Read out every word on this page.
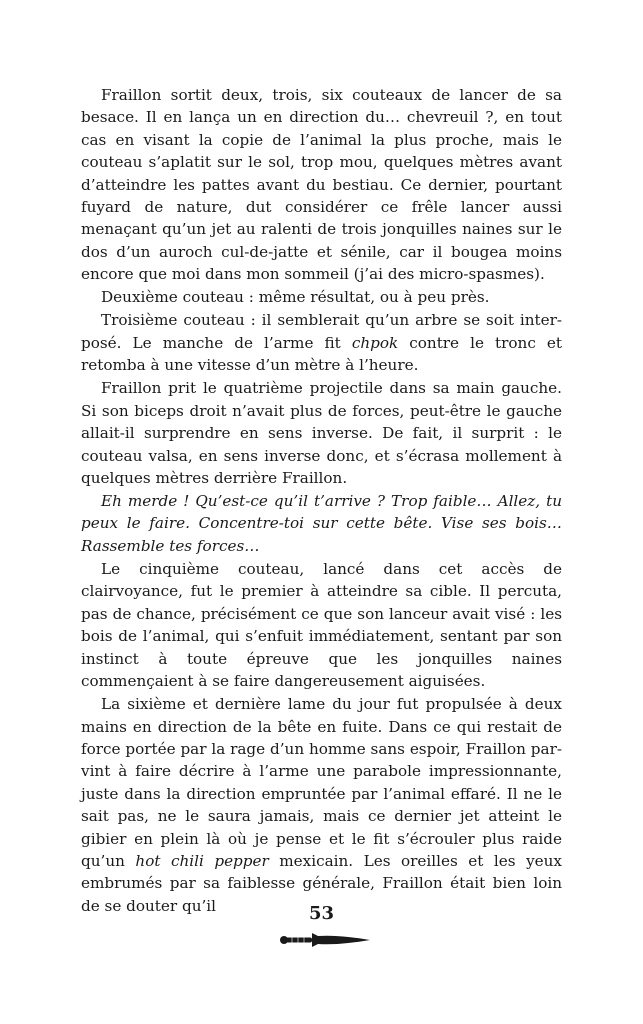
Fraillon sortit deux, trois, six couteaux de lancer de sa besace. Il en lança un en direction du… chevreuil ?, en tout cas en visant la copie de l’animal la plus proche, mais le couteau s’aplatit sur le sol, trop mou, quelques mètres avant d’atteindre les pattes avant du bestiau. Ce dernier, pourtant fuyard de nature, dut considérer ce frêle lancer aussi menaçant qu’un jet au ralenti de trois jonquilles naines sur le dos d’un auroch cul-de-jatte et sénile, car il bougea moins encore que moi dans mon sommeil (j’ai des micro-spasmes).

Deuxième couteau : même résultat, ou à peu près.

Troisième couteau : il semblerait qu’un arbre se soit interposé. Le manche de l’arme fit chpok contre le tronc et retomba à une vitesse d’un mètre à l’heure.

Fraillon prit le quatrième projectile dans sa main gauche. Si son biceps droit n’avait plus de forces, peut-être le gauche allait-il surprendre en sens inverse. De fait, il surprit : le couteau valsa, en sens inverse donc, et s’écrasa mollement à quelques mètres derrière Fraillon.

Eh merde ! Qu’est-ce qu’il t’arrive ? Trop faible… Allez, tu peux le faire. Concentre-toi sur cette bête. Vise ses bois… Rassemble tes forces…

Le cinquième couteau, lancé dans cet accès de clairvoyance, fut le premier à atteindre sa cible. Il percuta, pas de chance, précisément ce que son lanceur avait visé : les bois de l’animal, qui s’enfuit immédiatement, sentant par son instinct à toute épreuve que les jonquilles naines commençaient à se faire dangereusement aiguisées.

La sixième et dernière lame du jour fut propulsée à deux mains en direction de la bête en fuite. Dans ce qui restait de force portée par la rage d’un homme sans espoir, Fraillon parvint à faire décrire à l’arme une parabole impressionnante, juste dans la direction empruntée par l’animal effaré. Il ne le sait pas, ne le saura jamais, mais ce dernier jet atteint le gibier en plein là où je pense et le fit s’écrouler plus raide qu’un hot chili pepper mexicain. Les oreilles et les yeux embrumés par sa faiblesse générale, Fraillon était bien loin de se douter qu’il	53
